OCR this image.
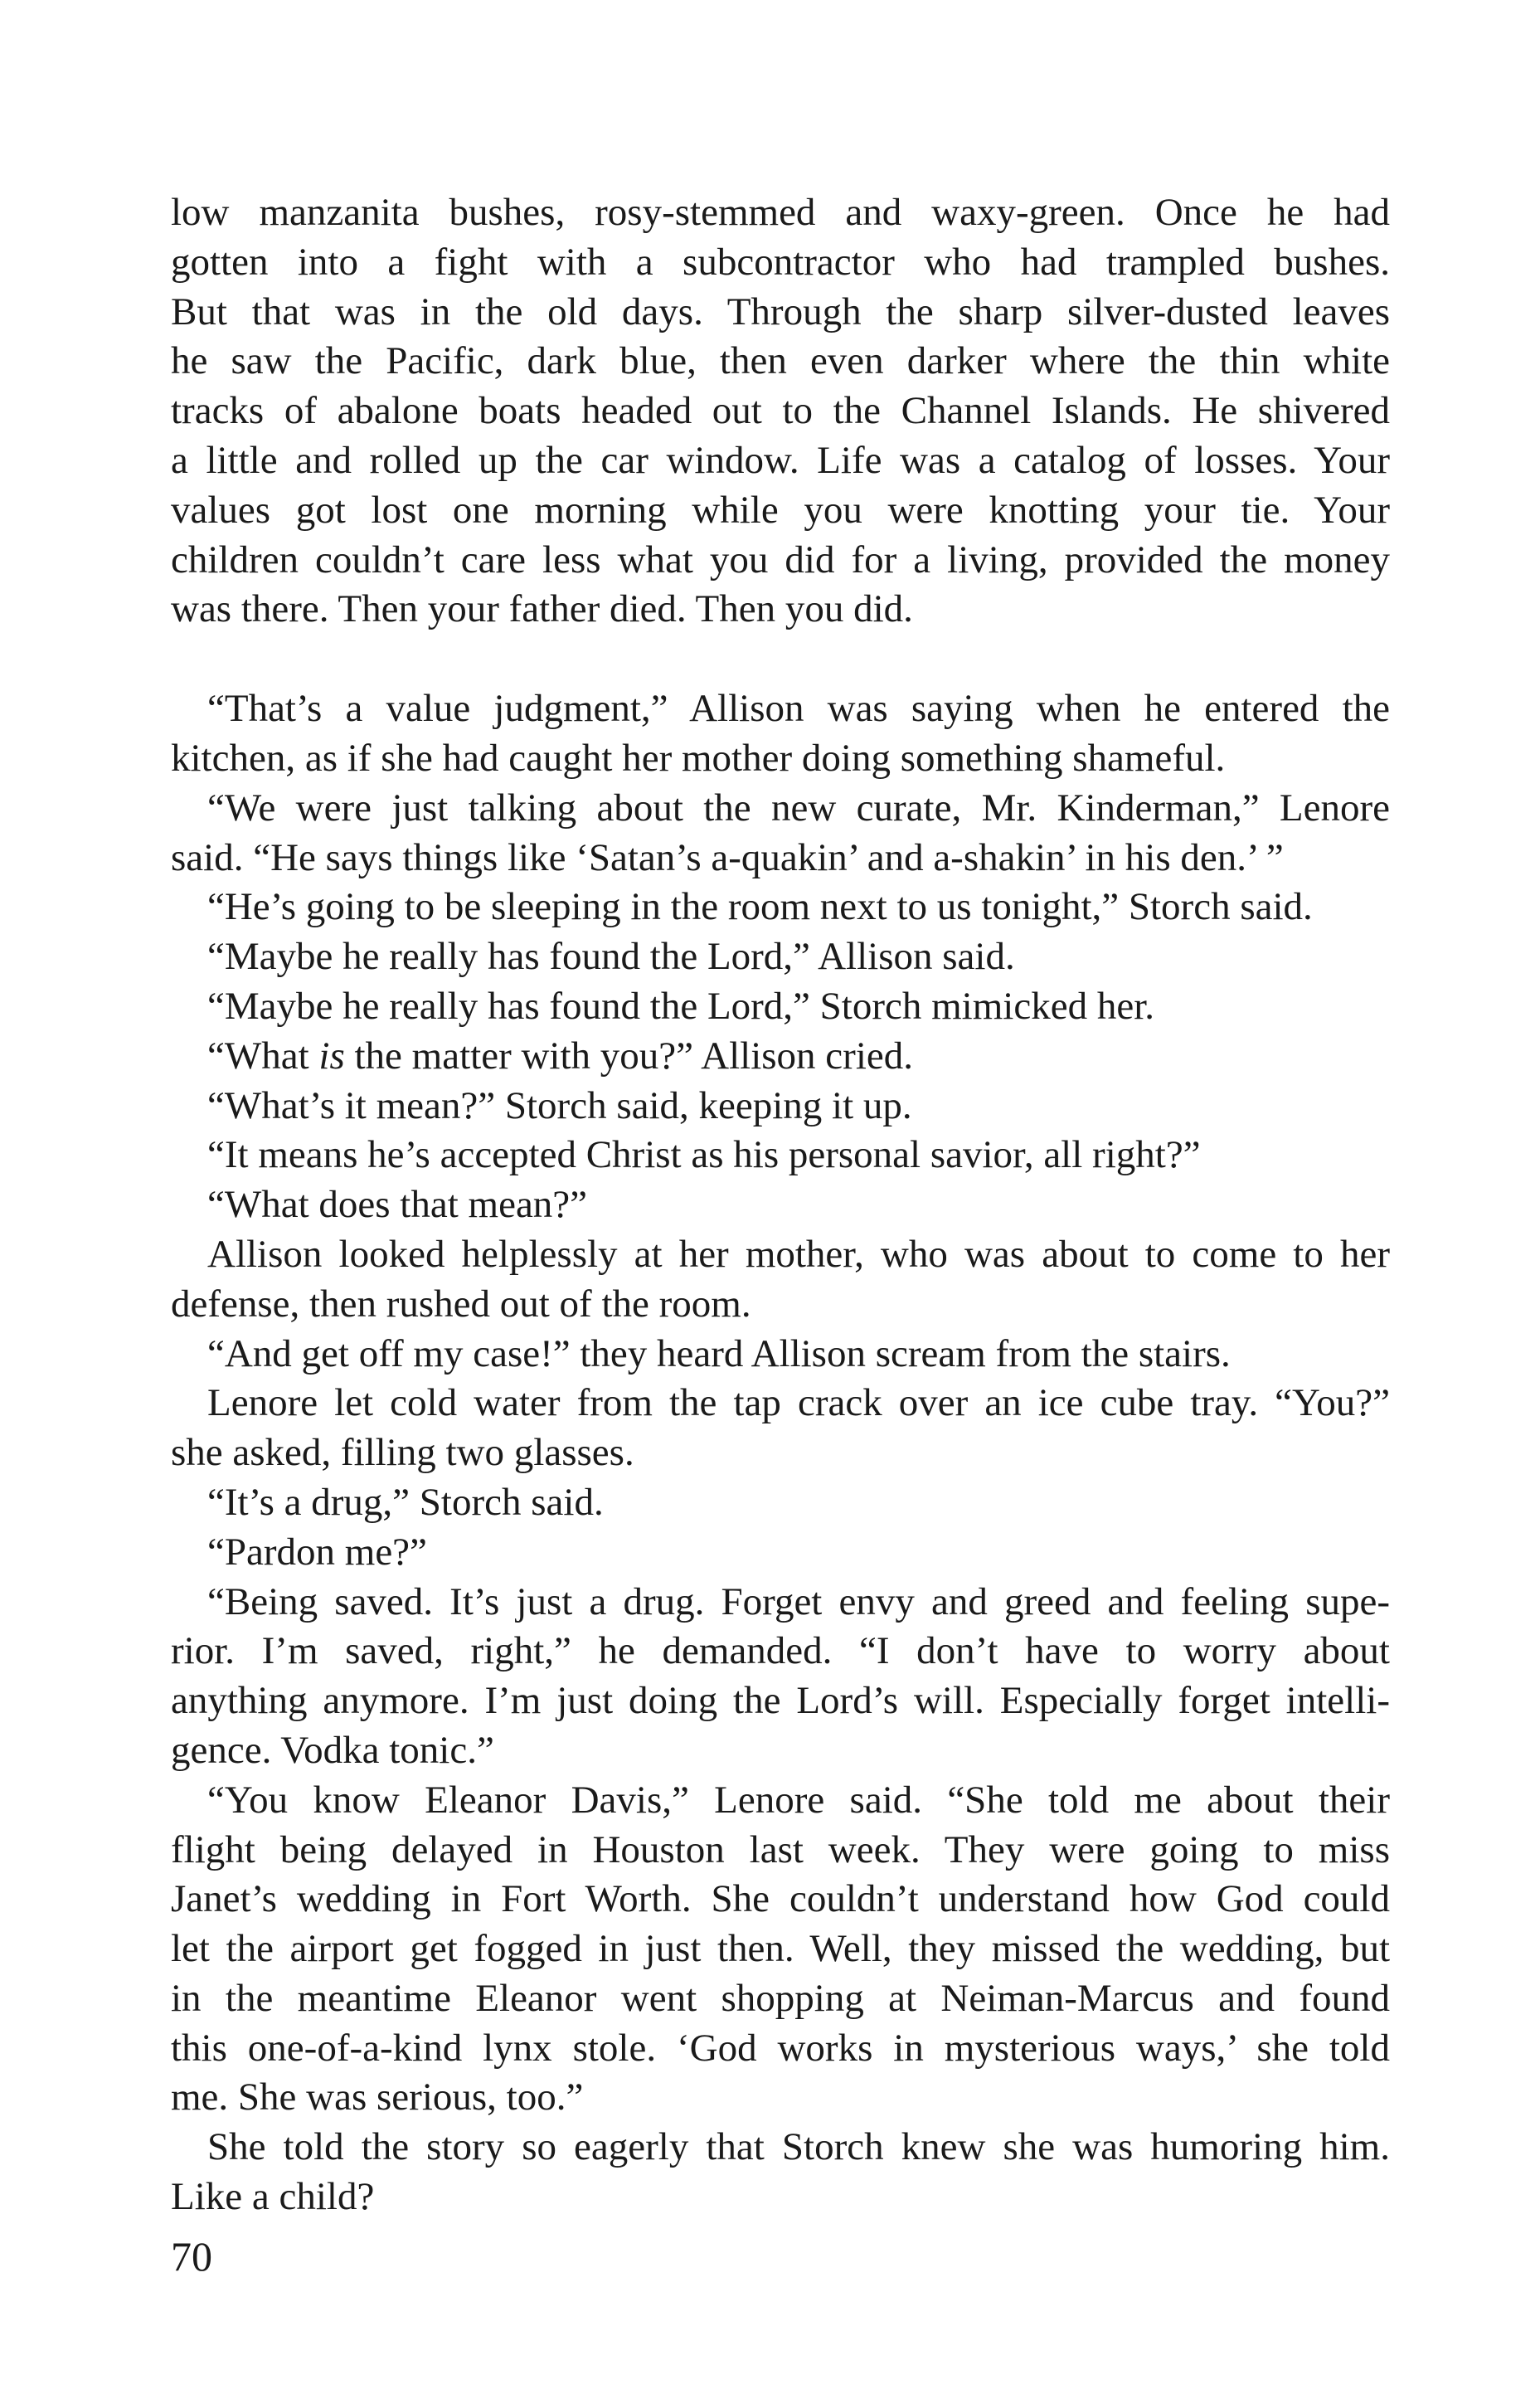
low manzanita bushes, rosy-stemmed and waxy-green. Once he had
gotten into a fight with a subcontractor who had trampled bushes.
But that was in the old days. Through the sharp silver-dusted leaves
he saw the Pacific, dark blue, then even darker where the thin white
tracks of abalone boats headed out to the Channel Islands. He shivered
a little and rolled up the car window. Life was a catalog of losses. Your
values got lost one morning while you were knotting your tie. Your
children couldn’t care less what you did for a living, provided the money
was there. Then your father died. Then you did.
“That’s a value judgment,” Allison was saying when he entered the
kitchen, as if she had caught her mother doing something shameful.
“We were just talking about the new curate, Mr. Kinderman,” Lenore
said. “He says things like ‘Satan’s a-quakin’ and a-shakin’ in his den.’ ”
“He’s going to be sleeping in the room next to us tonight,” Storch said.
“Maybe he really has found the Lord,” Allison said.
“Maybe he really has found the Lord,” Storch mimicked her.
“What is the matter with you?” Allison cried.
“What’s it mean?” Storch said, keeping it up.
“It means he’s accepted Christ as his personal savior, all right?”
“What does that mean?”
Allison looked helplessly at her mother, who was about to come to her
defense, then rushed out of the room.
“And get off my case!” they heard Allison scream from the stairs.
Lenore let cold water from the tap crack over an ice cube tray. “You?”
she asked, filling two glasses.
“It’s a drug,” Storch said.
“Pardon me?”
“Being saved. It’s just a drug. Forget envy and greed and feeling supe-
rior. I’m saved, right,” he demanded. “I don’t have to worry about
anything anymore. I’m just doing the Lord’s will. Especially forget intelli-
gence. Vodka tonic.”
“You know Eleanor Davis,” Lenore said. “She told me about their
flight being delayed in Houston last week. They were going to miss
Janet’s wedding in Fort Worth. She couldn’t understand how God could
let the airport get fogged in just then. Well, they missed the wedding, but
in the meantime Eleanor went shopping at Neiman-Marcus and found
this one-of-a-kind lynx stole. ‘God works in mysterious ways,’ she told
me. She was serious, too.”
She told the story so eagerly that Storch knew she was humoring him.
Like a child?
70
